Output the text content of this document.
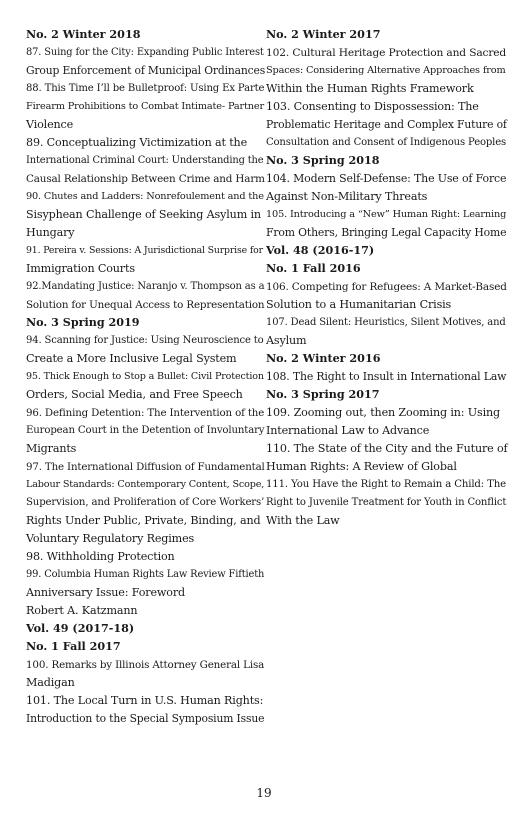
No. 2 Winter 2018
87. Suing for the City: Expanding Public Interest
Group Enforcement of Municipal Ordinances
88. This Time I’ll be Bulletproof: Using Ex Parte
Firearm Prohibitions to Combat Intimate- Partner
Violence
89. Conceptualizing Victimization at the
International Criminal Court: Understanding the
Causal Relationship Between Crime and Harm
90. Chutes and Ladders: Nonrefoulement and the
Sisyphean Challenge of Seeking Asylum in
Hungary
91. Pereira v. Sessions: A Jurisdictional Surprise for
Immigration Courts
92.Mandating Justice: Naranjo v. Thompson as a
Solution for Unequal Access to Representation
No. 3 Spring 2019
94. Scanning for Justice: Using Neuroscience to
Create a More Inclusive Legal System
95. Thick Enough to Stop a Bullet: Civil Protection
Orders, Social Media, and Free Speech
96. Defining Detention: The Intervention of the
European Court in the Detention of Involuntary
Migrants
97. The International Diffusion of Fundamental
Labour Standards: Contemporary Content, Scope,
Supervision, and Proliferation of Core Workers’
Rights Under Public, Private, Binding, and
Voluntary Regulatory Regimes
98. Withholding Protection
99. Columbia Human Rights Law Review Fiftieth
Anniversary Issue: Foreword
Robert A. Katzmann
Vol. 49 (2017-18)
No. 1 Fall 2017
100. Remarks by Illinois Attorney General Lisa
Madigan
101. The Local Turn in U.S. Human Rights:
Introduction to the Special Symposium Issue
No. 2 Winter 2017
102. Cultural Heritage Protection and Sacred
Spaces: Considering Alternative Approaches from
Within the Human Rights Framework
103. Consenting to Dispossession: The
Problematic Heritage and Complex Future of
Consultation and Consent of Indigenous Peoples
No. 3 Spring 2018
104. Modern Self-Defense: The Use of Force
Against Non-Military Threats
105. Introducing a “New” Human Right: Learning
From Others, Bringing Legal Capacity Home
Vol. 48 (2016-17)
No. 1 Fall 2016
106. Competing for Refugees: A Market-Based
Solution to a Humanitarian Crisis
107. Dead Silent: Heuristics, Silent Motives, and
Asylum
No. 2 Winter 2016
108. The Right to Insult in International Law
No. 3 Spring 2017
109. Zooming out, then Zooming in: Using
International Law to Advance
110. The State of the City and the Future of
Human Rights: A Review of Global
111. You Have the Right to Remain a Child: The
Right to Juvenile Treatment for Youth in Conflict
With the Law
19
